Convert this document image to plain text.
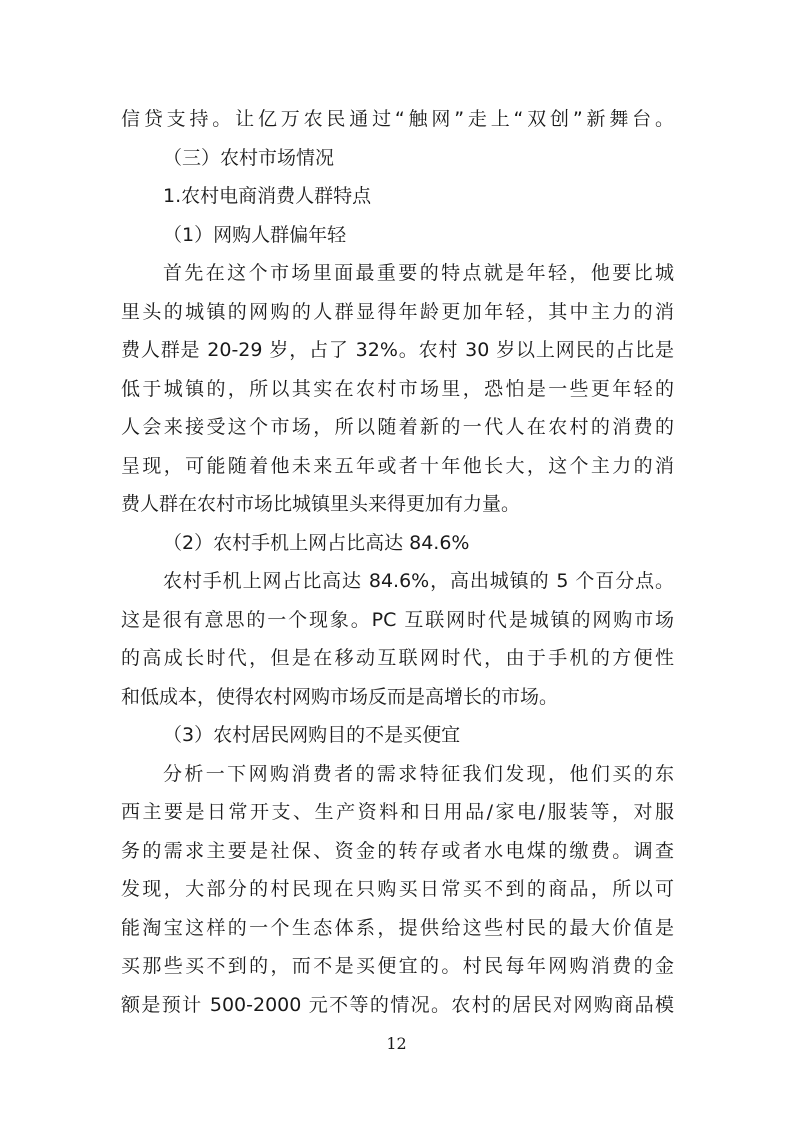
信贷支持。让亿万农民通过“触网”走上“双创”新舞台。
（三）农村市场情况
1.农村电商消费人群特点
（1）网购人群偏年轻
首先在这个市场里面最重要的特点就是年轻，他要比城
里头的城镇的网购的人群显得年龄更加年轻，其中主力的消
费人群是 20-29 岁，占了 32%。农村 30 岁以上网民的占比是
低于城镇的，所以其实在农村市场里，恐怕是一些更年轻的
人会来接受这个市场，所以随着新的一代人在农村的消费的
呈现，可能随着他未来五年或者十年他长大，这个主力的消
费人群在农村市场比城镇里头来得更加有力量。
（2）农村手机上网占比高达 84.6%
农村手机上网占比高达 84.6%，高出城镇的 5 个百分点。
这是很有意思的一个现象。PC 互联网时代是城镇的网购市场
的高成长时代，但是在移动互联网时代，由于手机的方便性
和低成本，使得农村网购市场反而是高增长的市场。
（3）农村居民网购目的不是买便宜
分析一下网购消费者的需求特征我们发现，他们买的东
西主要是日常开支、生产资料和日用品/家电/服装等，对服
务的需求主要是社保、资金的转存或者水电煤的缴费。调查
发现，大部分的村民现在只购买日常买不到的商品，所以可
能淘宝这样的一个生态体系，提供给这些村民的最大价值是
买那些买不到的，而不是买便宜的。村民每年网购消费的金
额是预计 500-2000 元不等的情况。农村的居民对网购商品模
12
